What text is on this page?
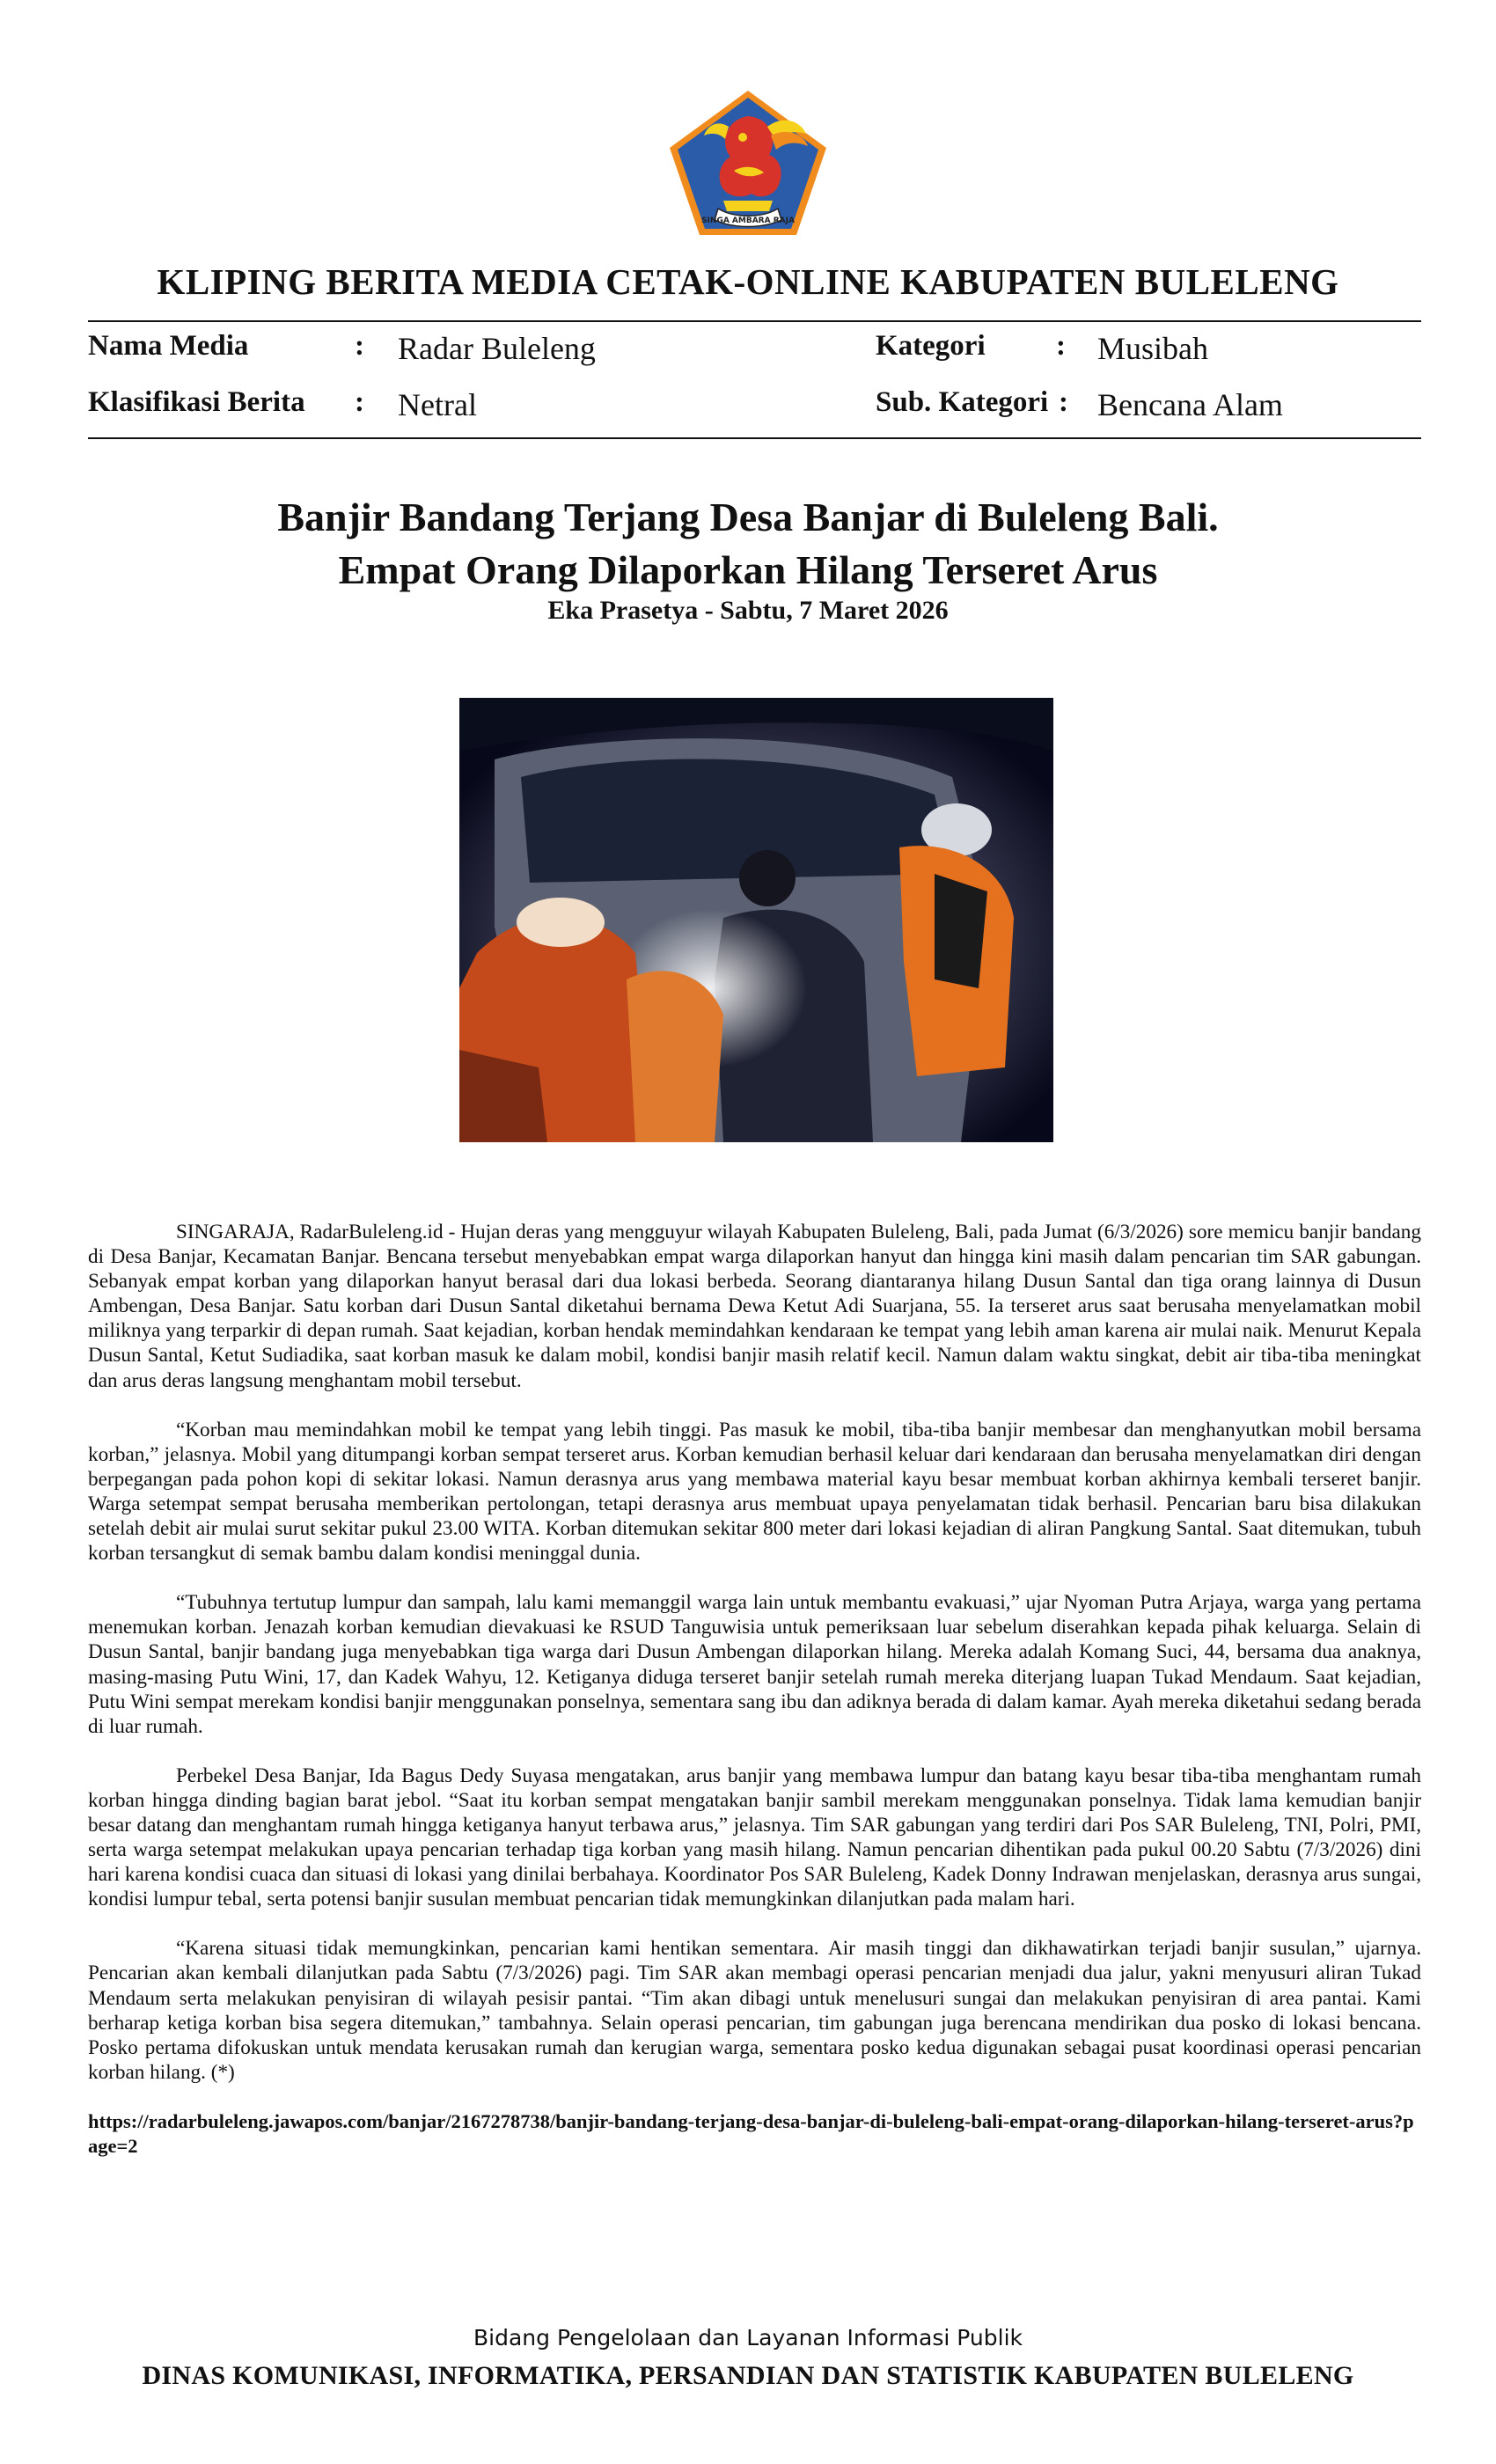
SINGA AMBARA RAJA
KLIPING BERITA MEDIA CETAK-ONLINE KABUPATEN BULELENG
Nama Media	: Radar Buleleng
Klasifikasi Berita : Netral
Kategori : Musibah
Sub. Kategori : Bencana Alam
Banjir Bandang Terjang Desa Banjar di Buleleng Bali.
Empat Orang Dilaporkan Hilang Terseret Arus
Eka Prasetya - Sabtu, 7 Maret 2026

SINGARAJA, RadarBuleleng.id - Hujan deras yang mengguyur wilayah Kabupaten Buleleng, Bali, pada Jumat (6/3/2026) sore memicu banjir bandang di Desa Banjar, Kecamatan Banjar. Bencana tersebut menyebabkan empat warga dilaporkan hanyut dan hingga kini masih dalam pencarian tim SAR gabungan. Sebanyak empat korban yang dilaporkan hanyut berasal dari dua lokasi berbeda. Seorang diantaranya hilang Dusun Santal dan tiga orang lainnya di Dusun Ambengan, Desa Banjar. Satu korban dari Dusun Santal diketahui bernama Dewa Ketut Adi Suarjana, 55. Ia terseret arus saat berusaha menyelamatkan mobil miliknya yang terparkir di depan rumah. Saat kejadian, korban hendak memindahkan kendaraan ke tempat yang lebih aman karena air mulai naik. Menurut Kepala Dusun Santal, Ketut Sudiadika, saat korban masuk ke dalam mobil, kondisi banjir masih relatif kecil. Namun dalam waktu singkat, debit air tiba-tiba meningkat dan arus deras langsung menghantam mobil tersebut.

“Korban mau memindahkan mobil ke tempat yang lebih tinggi. Pas masuk ke mobil, tiba-tiba banjir membesar dan menghanyutkan mobil bersama korban,” jelasnya. Mobil yang ditumpangi korban sempat terseret arus. Korban kemudian berhasil keluar dari kendaraan dan berusaha menyelamatkan diri dengan berpegangan pada pohon kopi di sekitar lokasi. Namun derasnya arus yang membawa material kayu besar membuat korban akhirnya kembali terseret banjir. Warga setempat sempat berusaha memberikan pertolongan, tetapi derasnya arus membuat upaya penyelamatan tidak berhasil. Pencarian baru bisa dilakukan setelah debit air mulai surut sekitar pukul 23.00 WITA. Korban ditemukan sekitar 800 meter dari lokasi kejadian di aliran Pangkung Santal. Saat ditemukan, tubuh korban tersangkut di semak bambu dalam kondisi meninggal dunia.

“Tubuhnya tertutup lumpur dan sampah, lalu kami memanggil warga lain untuk membantu evakuasi,” ujar Nyoman Putra Arjaya, warga yang pertama menemukan korban. Jenazah korban kemudian dievakuasi ke RSUD Tanguwisia untuk pemeriksaan luar sebelum diserahkan kepada pihak keluarga. Selain di Dusun Santal, banjir bandang juga menyebabkan tiga warga dari Dusun Ambengan dilaporkan hilang. Mereka adalah Komang Suci, 44, bersama dua anaknya, masing-masing Putu Wini, 17, dan Kadek Wahyu, 12. Ketiganya diduga terseret banjir setelah rumah mereka diterjang luapan Tukad Mendaum. Saat kejadian, Putu Wini sempat merekam kondisi banjir menggunakan ponselnya, sementara sang ibu dan adiknya berada di dalam kamar. Ayah mereka diketahui sedang berada di luar rumah.

Perbekel Desa Banjar, Ida Bagus Dedy Suyasa mengatakan, arus banjir yang membawa lumpur dan batang kayu besar tiba-tiba menghantam rumah korban hingga dinding bagian barat jebol. “Saat itu korban sempat mengatakan banjir sambil merekam menggunakan ponselnya. Tidak lama kemudian banjir besar datang dan menghantam rumah hingga ketiganya hanyut terbawa arus,” jelasnya. Tim SAR gabungan yang terdiri dari Pos SAR Buleleng, TNI, Polri, PMI, serta warga setempat melakukan upaya pencarian terhadap tiga korban yang masih hilang. Namun pencarian dihentikan pada pukul 00.20 Sabtu (7/3/2026) dini hari karena kondisi cuaca dan situasi di lokasi yang dinilai berbahaya. Koordinator Pos SAR Buleleng, Kadek Donny Indrawan menjelaskan, derasnya arus sungai, kondisi lumpur tebal, serta potensi banjir susulan membuat pencarian tidak memungkinkan dilanjutkan pada malam hari.

“Karena situasi tidak memungkinkan, pencarian kami hentikan sementara. Air masih tinggi dan dikhawatirkan terjadi banjir susulan,” ujarnya. Pencarian akan kembali dilanjutkan pada Sabtu (7/3/2026) pagi. Tim SAR akan membagi operasi pencarian menjadi dua jalur, yakni menyusuri aliran Tukad Mendaum serta melakukan penyisiran di wilayah pesisir pantai. “Tim akan dibagi untuk menelusuri sungai dan melakukan penyisiran di area pantai. Kami berharap ketiga korban bisa segera ditemukan,” tambahnya. Selain operasi pencarian, tim gabungan juga berencana mendirikan dua posko di lokasi bencana. Posko pertama difokuskan untuk mendata kerusakan rumah dan kerugian warga, sementara posko kedua digunakan sebagai pusat koordinasi operasi pencarian korban hilang. (*)

https://radarbuleleng.jawapos.com/banjar/2167278738/banjir-bandang-terjang-desa-banjar-di-buleleng-bali-empat-orang-dilaporkan-hilang-terseret-arus?page=2
Bidang Pengelolaan dan Layanan Informasi Publik
DINAS KOMUNIKASI, INFORMATIKA, PERSANDIAN DAN STATISTIK KABUPATEN BULELENG
